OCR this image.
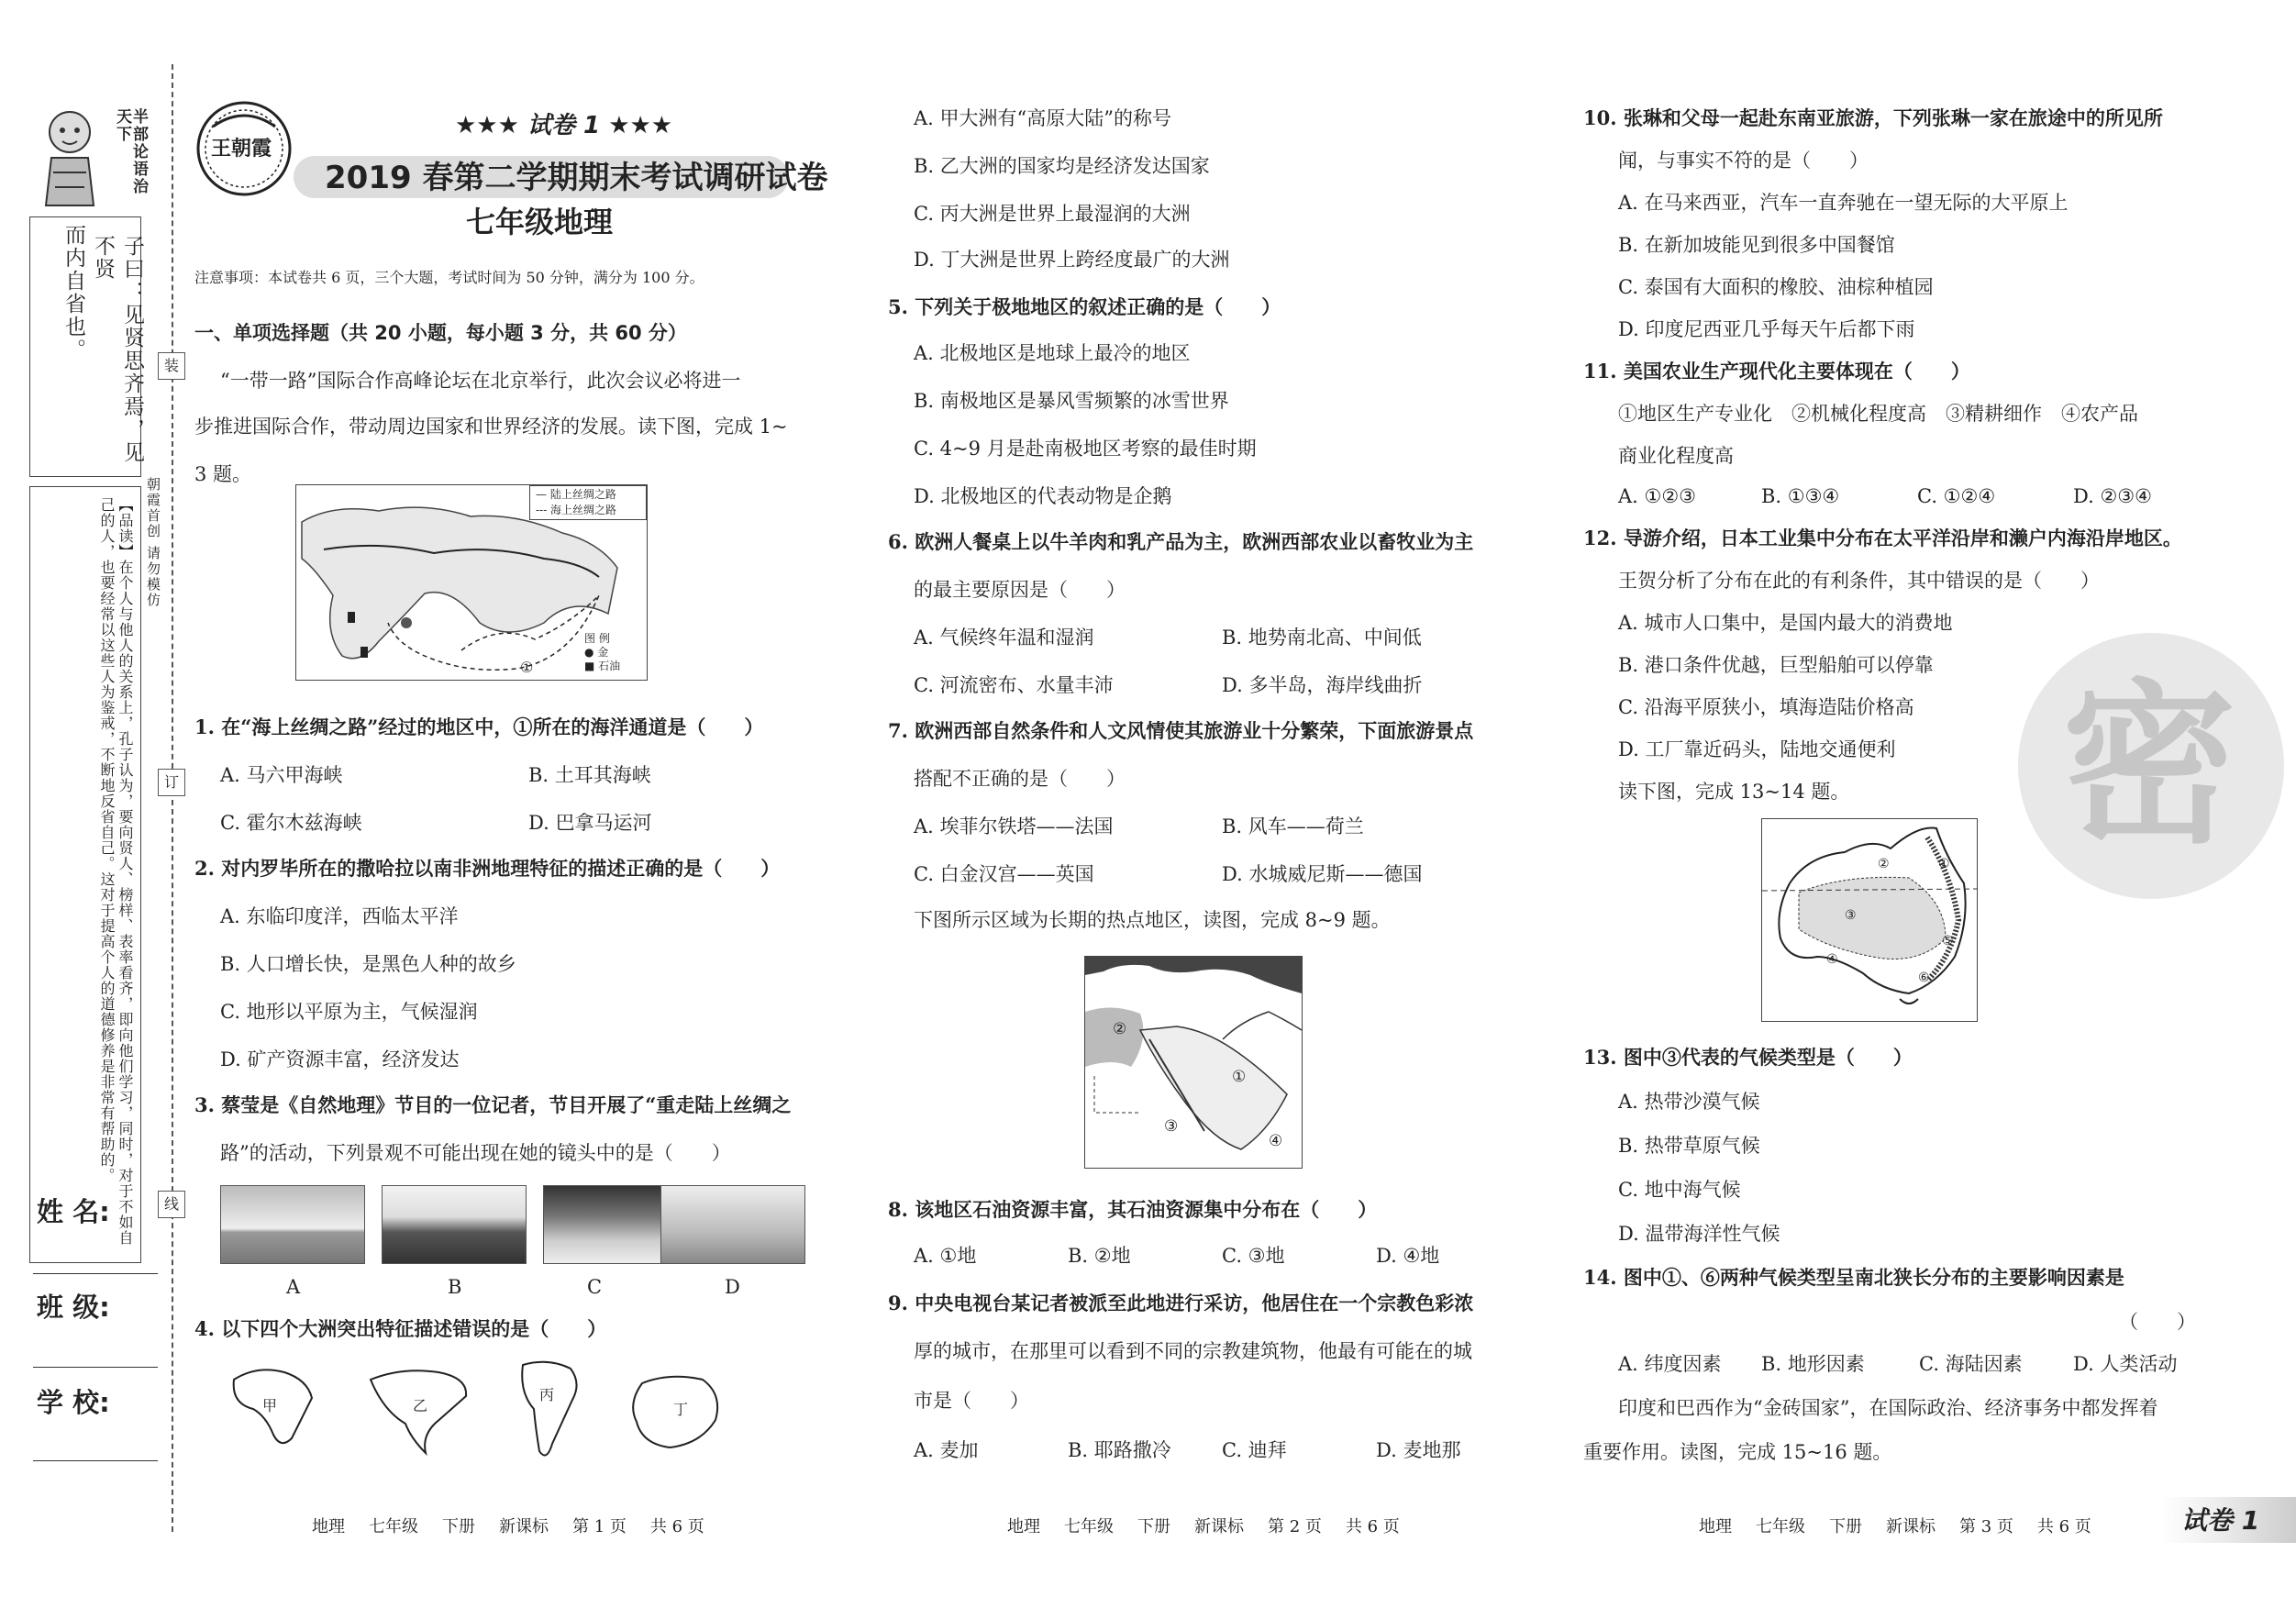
半部论语治天下
子曰：见贤思齐焉，见不贤
而内自省也。
【品读】在个人与他人的关系上，孔子认为，要向贤人、榜样、表率看齐，即向他们学习，同时，对于不如自己的人，也要经常以这些人为鉴戒，不断地反省自己。这对于提高个人的道德修养是非常有帮助的。
装
订
线
朝霞首创 请勿模仿
姓 名:
班 级:
学 校:
王朝霞
★★★ 试卷 1 ★★★
2019 春第二学期期末考试调研试卷
七年级地理
注意事项：本试卷共 6 页，三个大题，考试时间为 50 分钟，满分为 100 分。
一、单项选择题（共 20 小题，每小题 3 分，共 60 分）
“一带一路”国际合作高峰论坛在北京举行，此次会议必将进一
步推进国际合作，带动周边国家和世界经济的发展。读下图，完成 1~
3 题。
— 陆上丝绸之路
--- 海上丝绸之路
图 例
● 金
■ 石油
①
1. 在“海上丝绸之路”经过的地区中，①所在的海洋通道是（　　）
A. 马六甲海峡	B. 土耳其海峡
C. 霍尔木兹海峡	D. 巴拿马运河
2. 对内罗毕所在的撒哈拉以南非洲地理特征的描述正确的是（　　）
A. 东临印度洋，西临太平洋
B. 人口增长快，是黑色人种的故乡
C. 地形以平原为主，气候湿润
D. 矿产资源丰富，经济发达
3. 蔡莹是《自然地理》节目的一位记者，节目开展了“重走陆上丝绸之
路”的活动，下列景观不可能出现在她的镜头中的是（　　）
A	B	C	D
4. 以下四个大洲突出特征描述错误的是（　　）
甲	乙
丙
丁
A. 甲大洲有“高原大陆”的称号
B. 乙大洲的国家均是经济发达国家
C. 丙大洲是世界上最湿润的大洲
D. 丁大洲是世界上跨经度最广的大洲
5. 下列关于极地地区的叙述正确的是（　　）
A. 北极地区是地球上最冷的地区
B. 南极地区是暴风雪频繁的冰雪世界
C. 4~9 月是赴南极地区考察的最佳时期
D. 北极地区的代表动物是企鹅
6. 欧洲人餐桌上以牛羊肉和乳产品为主，欧洲西部农业以畜牧业为主
的最主要原因是（　　）
A. 气候终年温和湿润	B. 地势南北高、中间低
C. 河流密布、水量丰沛	D. 多半岛，海岸线曲折
7. 欧洲西部自然条件和人文风情使其旅游业十分繁荣，下面旅游景点
搭配不正确的是（　　）
A. 埃菲尔铁塔——法国	B. 风车——荷兰
C. 白金汉宫——英国	D. 水城威尼斯——德国
下图所示区域为长期的热点地区，读图，完成 8~9 题。
①
②
③
④
8. 该地区石油资源丰富，其石油资源集中分布在（　　）
A. ①地	B. ②地	C. ③地	D. ④地
9. 中央电视台某记者被派至此地进行采访，他居住在一个宗教色彩浓
厚的城市，在那里可以看到不同的宗教建筑物，他最有可能在的城
市是（　　）
A. 麦加	B. 耶路撒冷	C. 迪拜	D. 麦地那
密
10. 张琳和父母一起赴东南亚旅游，下列张琳一家在旅途中的所见所
闻，与事实不符的是（　　）
A. 在马来西亚，汽车一直奔驰在一望无际的大平原上
B. 在新加坡能见到很多中国餐馆
C. 泰国有大面积的橡胶、油棕种植园
D. 印度尼西亚几乎每天午后都下雨
11. 美国农业生产现代化主要体现在（　　）
①地区生产专业化　②机械化程度高　③精耕细作　④农产品
商业化程度高
A. ①②③	B. ①③④	C. ①②④	D. ②③④
12. 导游介绍，日本工业集中分布在太平洋沿岸和濑户内海沿岸地区。
王贺分析了分布在此的有利条件，其中错误的是（　　）
A. 城市人口集中，是国内最大的消费地
B. 港口条件优越，巨型船舶可以停靠
C. 沿海平原狭小，填海造陆价格高
D. 工厂靠近码头，陆地交通便利
读下图，完成 13~14 题。
①
②
③
④
⑤
⑥
13. 图中③代表的气候类型是（　　）
A. 热带沙漠气候
B. 热带草原气候
C. 地中海气候
D. 温带海洋性气候
14. 图中①、⑥两种气候类型呈南北狭长分布的主要影响因素是
（　　）
A. 纬度因素 B. 地形因素	C. 海陆因素	D. 人类活动
印度和巴西作为“金砖国家”，在国际政治、经济事务中都发挥着
重要作用。读图，完成 15~16 题。
地理 七年级 下册 新课标 第 1 页 共 6 页	地理 七年级 下册 新课标 第 2 页 共 6 页	地理 七年级 下册 新课标 第 3 页 共 6 页	试卷 1
